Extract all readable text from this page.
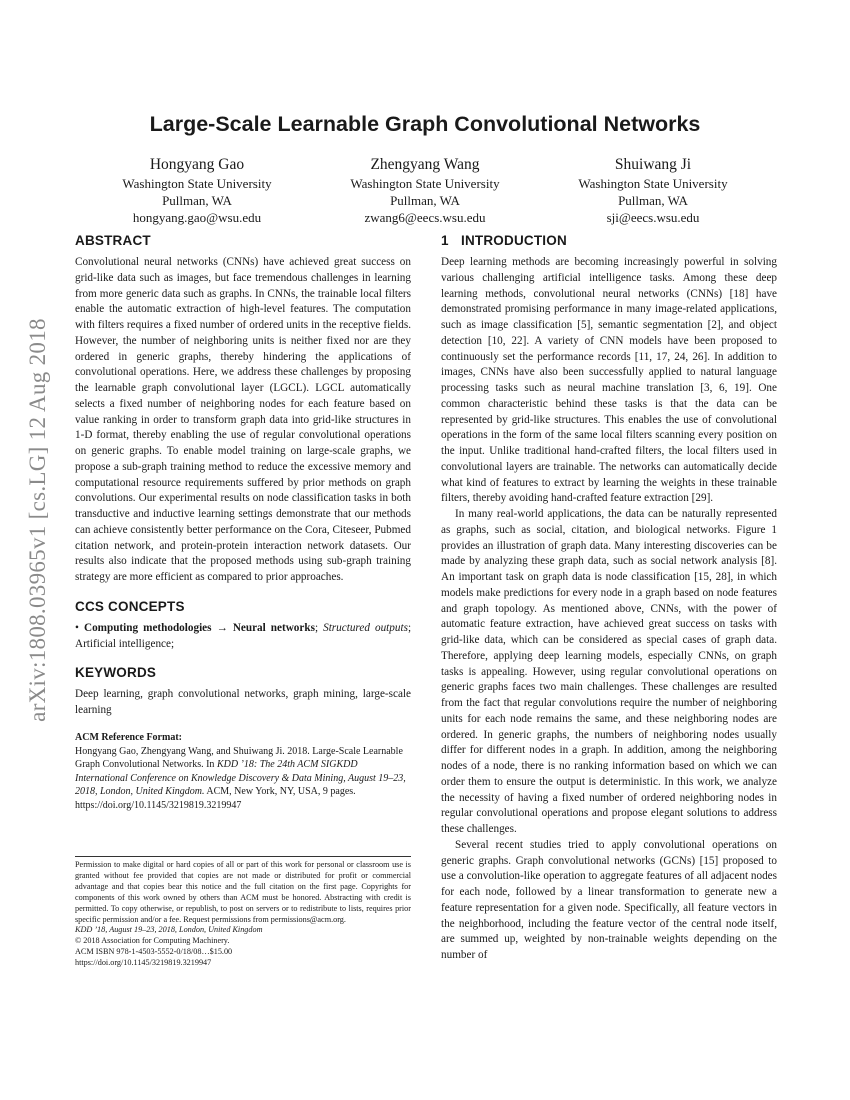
arXiv:1808.03965v1 [cs.LG] 12 Aug 2018
Large-Scale Learnable Graph Convolutional Networks
Hongyang Gao
Washington State University
Pullman, WA
hongyang.gao@wsu.edu
Zhengyang Wang
Washington State University
Pullman, WA
zwang6@eecs.wsu.edu
Shuiwang Ji
Washington State University
Pullman, WA
sji@eecs.wsu.edu
ABSTRACT

Convolutional neural networks (CNNs) have achieved great success on grid-like data such as images, but face tremendous challenges in learning from more generic data such as graphs. In CNNs, the trainable local filters enable the automatic extraction of high-level features. The computation with filters requires a fixed number of ordered units in the receptive fields. However, the number of neighboring units is neither fixed nor are they ordered in generic graphs, thereby hindering the applications of convolutional operations. Here, we address these challenges by proposing the learnable graph convolutional layer (LGCL). LGCL automatically selects a fixed number of neighboring nodes for each feature based on value ranking in order to transform graph data into grid-like structures in 1-D format, thereby enabling the use of regular convolutional operations on generic graphs. To enable model training on large-scale graphs, we propose a sub-graph training method to reduce the excessive memory and computational resource requirements suffered by prior methods on graph convolutions. Our experimental results on node classification tasks in both transductive and inductive learning settings demonstrate that our methods can achieve consistently better performance on the Cora, Citeseer, Pubmed citation network, and protein-protein interaction network datasets. Our results also indicate that the proposed methods using sub-graph training strategy are more efficient as compared to prior approaches.

CCS CONCEPTS

• Computing methodologies → Neural networks; Structured outputs; Artificial intelligence;

KEYWORDS

Deep learning, graph convolutional networks, graph mining, large-scale learning

ACM Reference Format:

Hongyang Gao, Zhengyang Wang, and Shuiwang Ji. 2018. Large-Scale Learnable Graph Convolutional Networks. In KDD ’18: The 24th ACM SIGKDD International Conference on Knowledge Discovery & Data Mining, August 19–23, 2018, London, United Kingdom. ACM, New York, NY, USA, 9 pages. https://doi.org/10.1145/3219819.3219947

Permission to make digital or hard copies of all or part of this work for personal or classroom use is granted without fee provided that copies are not made or distributed for profit or commercial advantage and that copies bear this notice and the full citation on the first page. Copyrights for components of this work owned by others than ACM must be honored. Abstracting with credit is permitted. To copy otherwise, or republish, to post on servers or to redistribute to lists, requires prior specific permission and/or a fee. Request permissions from permissions@acm.org.

KDD ’18, August 19–23, 2018, London, United Kingdom

© 2018 Association for Computing Machinery.

ACM ISBN 978-1-4503-5552-0/18/08…$15.00

https://doi.org/10.1145/3219819.3219947

1 INTRODUCTION

Deep learning methods are becoming increasingly powerful in solving various challenging artificial intelligence tasks. Among these deep learning methods, convolutional neural networks (CNNs) [18] have demonstrated promising performance in many image-related applications, such as image classification [5], semantic segmentation [2], and object detection [10, 22]. A variety of CNN models have been proposed to continuously set the performance records [11, 17, 24, 26]. In addition to images, CNNs have also been successfully applied to natural language processing tasks such as neural machine translation [3, 6, 19]. One common characteristic behind these tasks is that the data can be represented by grid-like structures. This enables the use of convolutional operations in the form of the same local filters scanning every position on the input. Unlike traditional hand-crafted filters, the local filters used in convolutional layers are trainable. The networks can automatically decide what kind of features to extract by learning the weights in these trainable filters, thereby avoiding hand-crafted feature extraction [29].

In many real-world applications, the data can be naturally represented as graphs, such as social, citation, and biological networks. Figure 1 provides an illustration of graph data. Many interesting discoveries can be made by analyzing these graph data, such as social network analysis [8]. An important task on graph data is node classification [15, 28], in which models make predictions for every node in a graph based on node features and graph topology. As mentioned above, CNNs, with the power of automatic feature extraction, have achieved great success on tasks with grid-like data, which can be considered as special cases of graph data. Therefore, applying deep learning models, especially CNNs, on graph tasks is appealing. However, using regular convolutional operations on generic graphs faces two main challenges. These challenges are resulted from the fact that regular convolutions require the number of neighboring units for each node remains the same, and these neighboring nodes are ordered. In generic graphs, the numbers of neighboring nodes usually differ for different nodes in a graph. In addition, among the neighboring nodes of a node, there is no ranking information based on which we can order them to ensure the output is deterministic. In this work, we analyze the necessity of having a fixed number of ordered neighboring nodes in regular convolutional operations and propose elegant solutions to address these challenges.

Several recent studies tried to apply convolutional operations on generic graphs. Graph convolutional networks (GCNs) [15] proposed to use a convolution-like operation to aggregate features of all adjacent nodes for each node, followed by a linear transformation to generate new a feature representation for a given node. Specifically, all feature vectors in the neighborhood, including the feature vector of the central node itself, are summed up, weighted by non-trainable weights depending on the number of
